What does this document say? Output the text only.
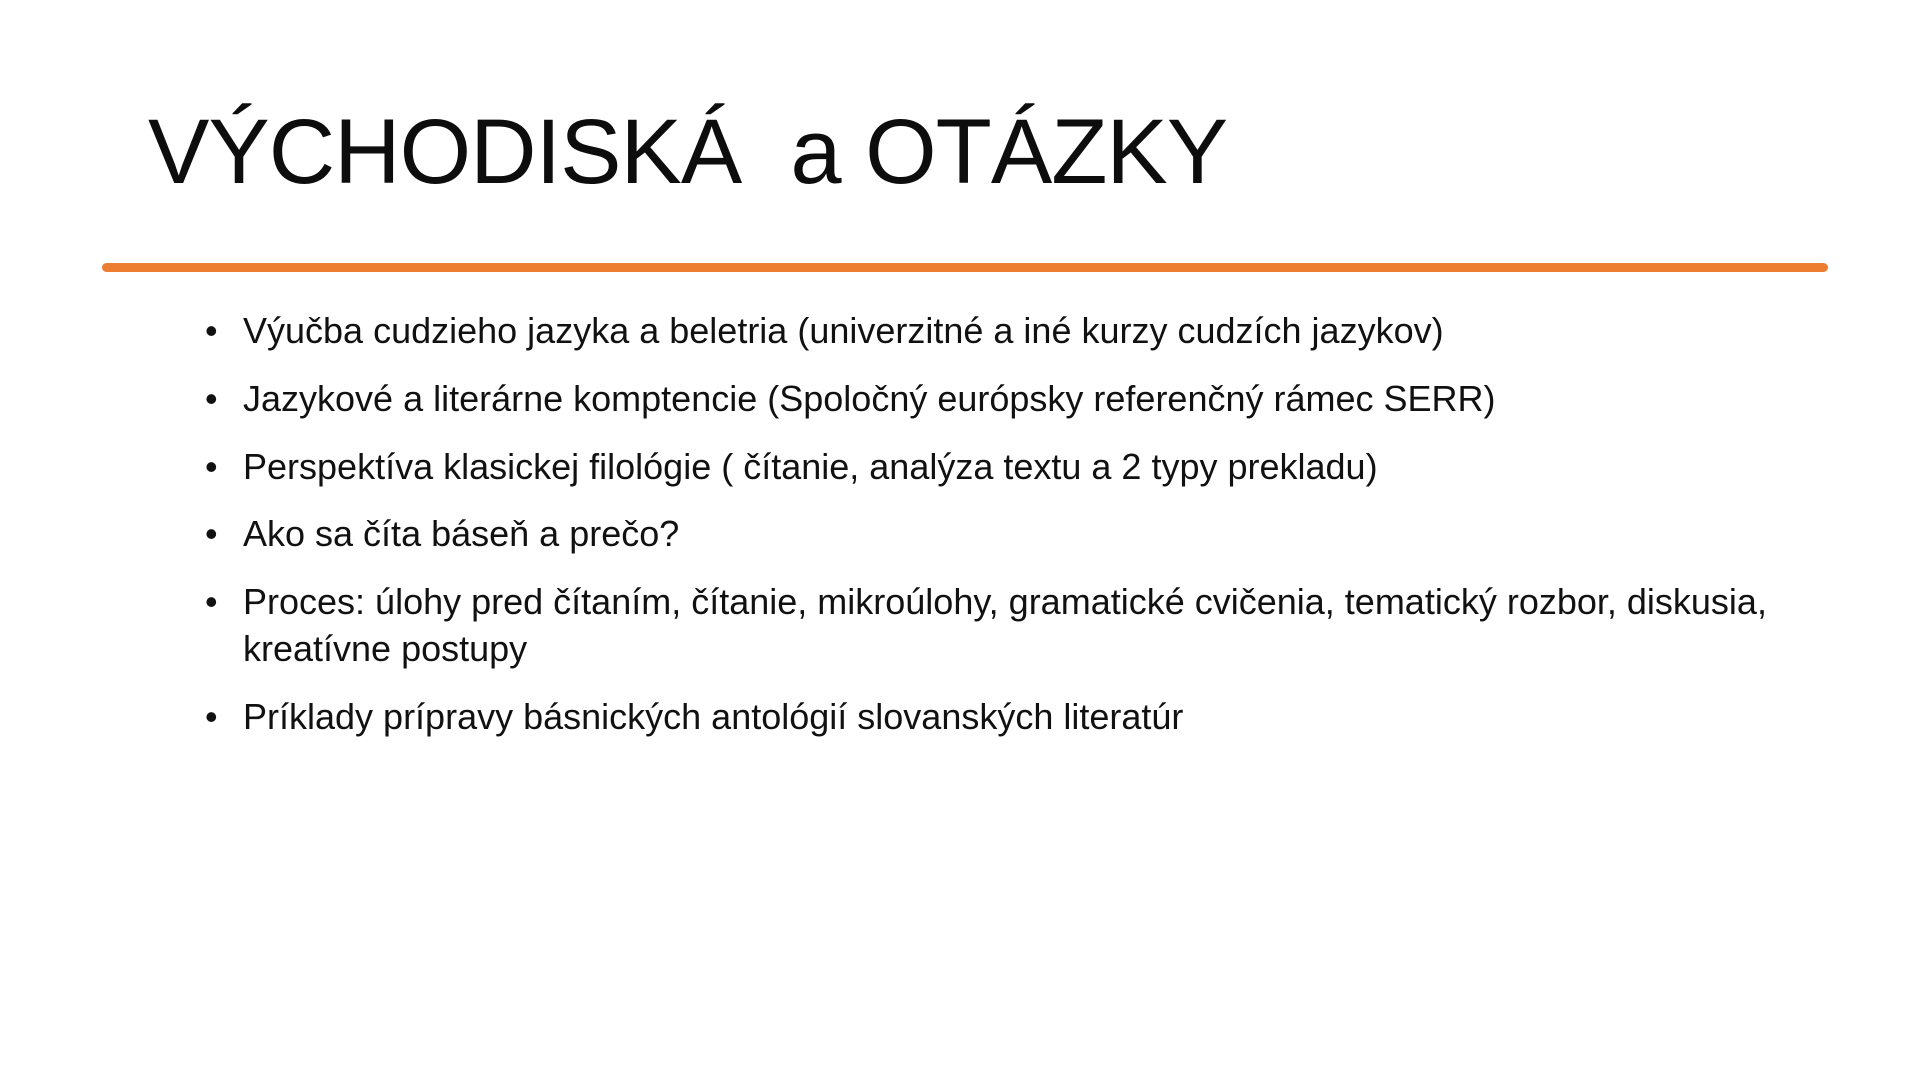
VÝCHODISKÁ  a OTÁZKY
• Výučba cudzieho jazyka a beletria (univerzitné a iné kurzy cudzích jazykov)
• Jazykové a literárne komptencie (Spoločný európsky referenčný rámec SERR)
• Perspektíva klasickej filológie ( čítanie, analýza textu a 2 typy prekladu)
• Ako sa číta báseň a prečo?
• Proces: úlohy pred čítaním, čítanie, mikroúlohy, gramatické cvičenia, tematický rozbor, diskusia, kreatívne postupy
• Príklady prípravy básnických antológií slovanských literatúr
